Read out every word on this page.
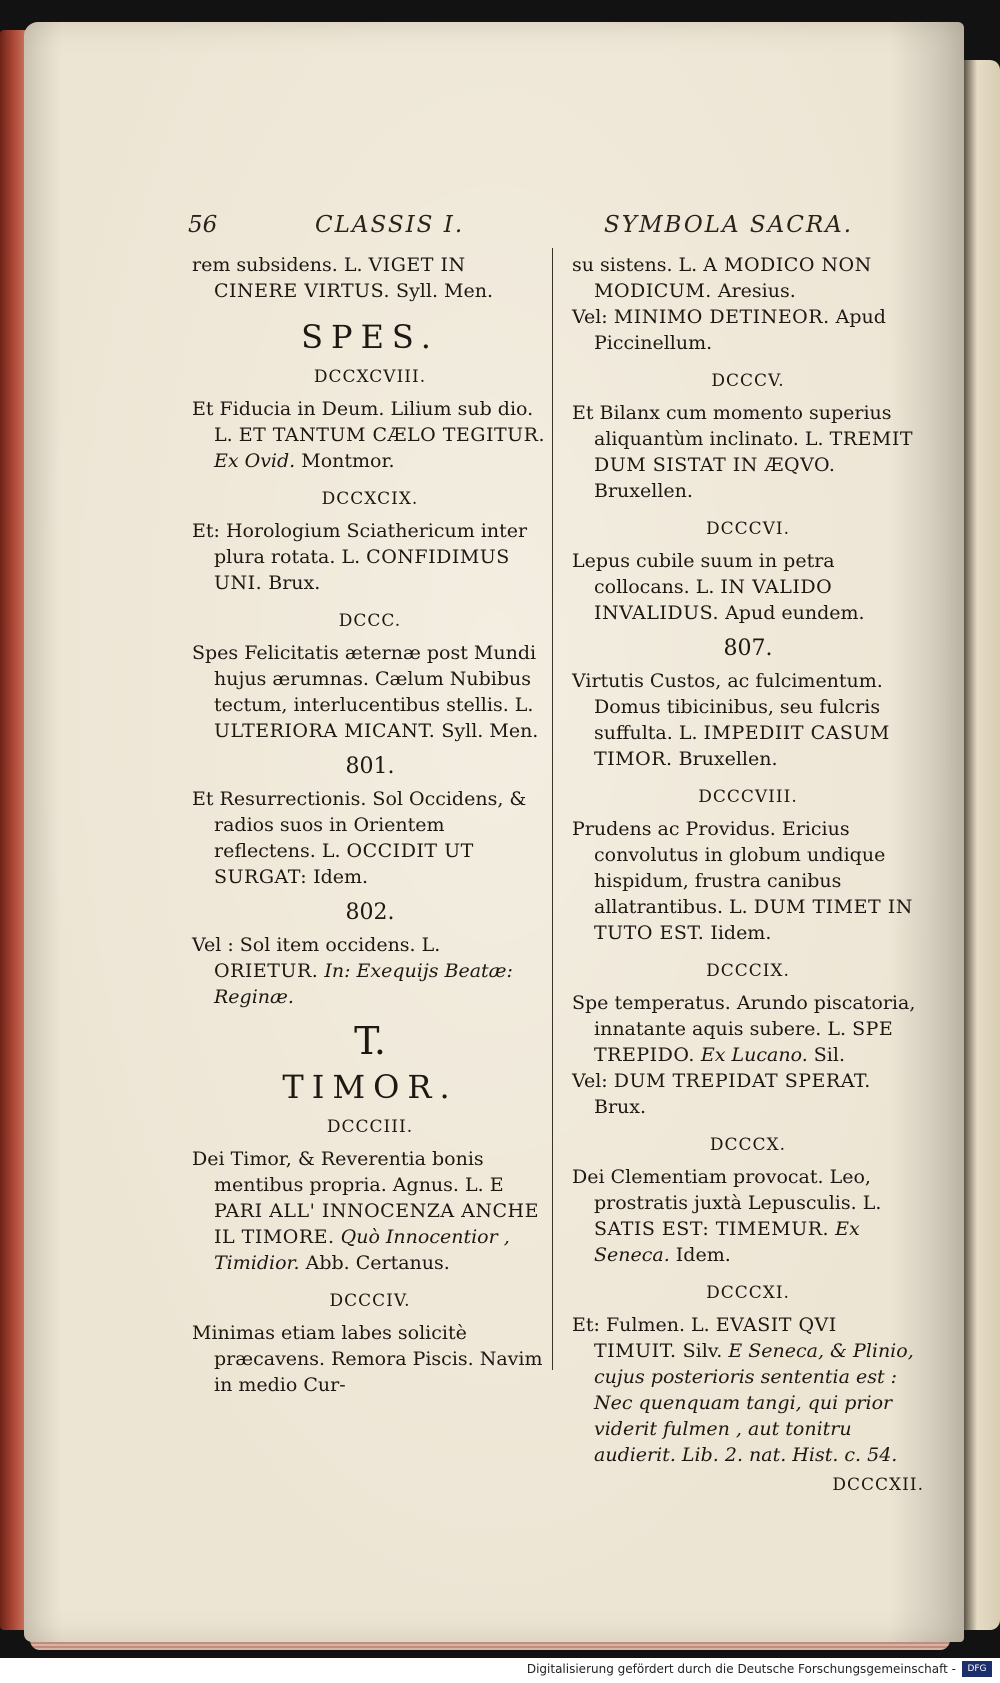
56	CLASSIS I.	SYMBOLA SACRA.

rem subsidens. L. VIGET IN CINERE VIRTUS. Syll. Men.

SPES.
DCCXCVIII.

Et Fiducia in Deum. Lilium sub dio. L. ET TANTUM CÆLO TEGITUR. Ex Ovid. Montmor.

DCCXCIX.

Et: Horologium Sciathericum inter plura rotata. L. CONFIDIMUS UNI. Brux.

DCCC.

Spes Felicitatis æternæ post Mundi hujus ærumnas. Cælum Nubibus tectum, interlucentibus stellis. L. ULTERIORA MICANT. Syll. Men.

801.

Et Resurrectionis. Sol Occidens, & radios suos in Orientem reflectens. L. OCCIDIT UT SURGAT: Idem.

802.

Vel : Sol item occidens. L. ORIETUR. In: Exequijs Beatæ: Reginæ.

T.
TIMOR.
DCCCIII.

Dei Timor, & Reverentia bonis mentibus propria. Agnus. L. E PARI ALL' INNOCENZA ANCHE IL TIMORE. Quò Innocentior , Timidior. Abb. Certanus.

DCCCIV.

Minimas etiam labes solicitè præcavens. Remora Piscis. Navim in medio Cur-

su sistens. L. A MODICO NON MODICUM. Aresius.

Vel: MINIMO DETINEOR. Apud Piccinellum.

DCCCV.

Et Bilanx cum momento superius aliquantùm inclinato. L. TREMIT DUM SISTAT IN ÆQVO. Bruxellen.

DCCCVI.

Lepus cubile suum in petra collocans. L. IN VALIDO INVALIDUS. Apud eundem.

807.

Virtutis Custos, ac fulcimentum. Domus tibicinibus, seu fulcris suffulta. L. IMPEDIIT CASUM TIMOR. Bruxellen.

DCCCVIII.

Prudens ac Providus. Ericius convolutus in globum undique hispidum, frustra canibus allatrantibus. L. DUM TIMET IN TUTO EST. Iidem.

DCCCIX.

Spe temperatus. Arundo piscatoria, innatante aquis subere. L. SPE TREPIDO. Ex Lucano. Sil.

Vel: DUM TREPIDAT SPERAT. Brux.

DCCCX.

Dei Clementiam provocat. Leo, prostratis juxtà Lepusculis. L. SATIS EST: TIMEMUR. Ex Seneca. Idem.

DCCCXI.

Et: Fulmen. L. EVASIT QVI TIMUIT. Silv. E Seneca, & Plinio, cujus posterioris sententia est : Nec quenquam tangi, qui prior viderit fulmen , aut tonitru audierit. Lib. 2. nat. Hist. c. 54.

DCCCXII.
Digitalisierung gefördert durch die Deutsche Forschungsgemeinschaft -	DFG
